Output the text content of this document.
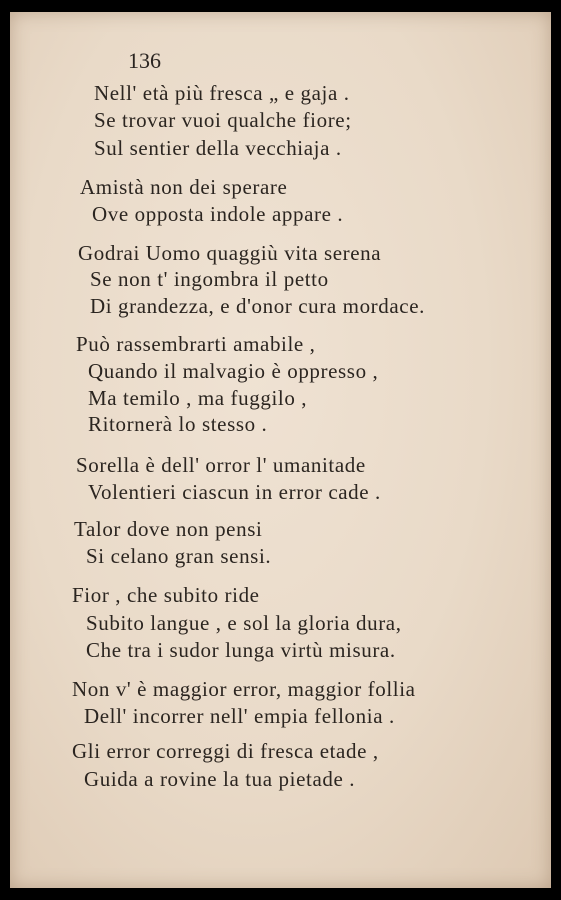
136
Nell' età più fresca „ e gaja .
Se trovar vuoi qualche fiore;
Sul sentier della vecchiaja .
Amistà non dei sperare
Ove opposta indole appare .
Godrai Uomo quaggiù vita serena
Se non t' ingombra il petto
Di grandezza, e d'onor cura mordace.
Può rassembrarti amabile ,
Quando il malvagio è oppresso ,
Ma temilo , ma fuggilo ,
Ritornerà lo stesso .
Sorella è dell' orror l' umanitade
Volentieri ciascun in error cade .
Talor dove non pensi
Si celano gran sensi.
Fior , che subito ride
Subito langue , e sol la gloria dura,
Che tra i sudor lunga virtù misura.
Non v' è maggior error, maggior follia
Dell' incorrer nell' empia fellonia .
Gli error correggi di fresca etade ,
Guida a rovine la tua pietade .
